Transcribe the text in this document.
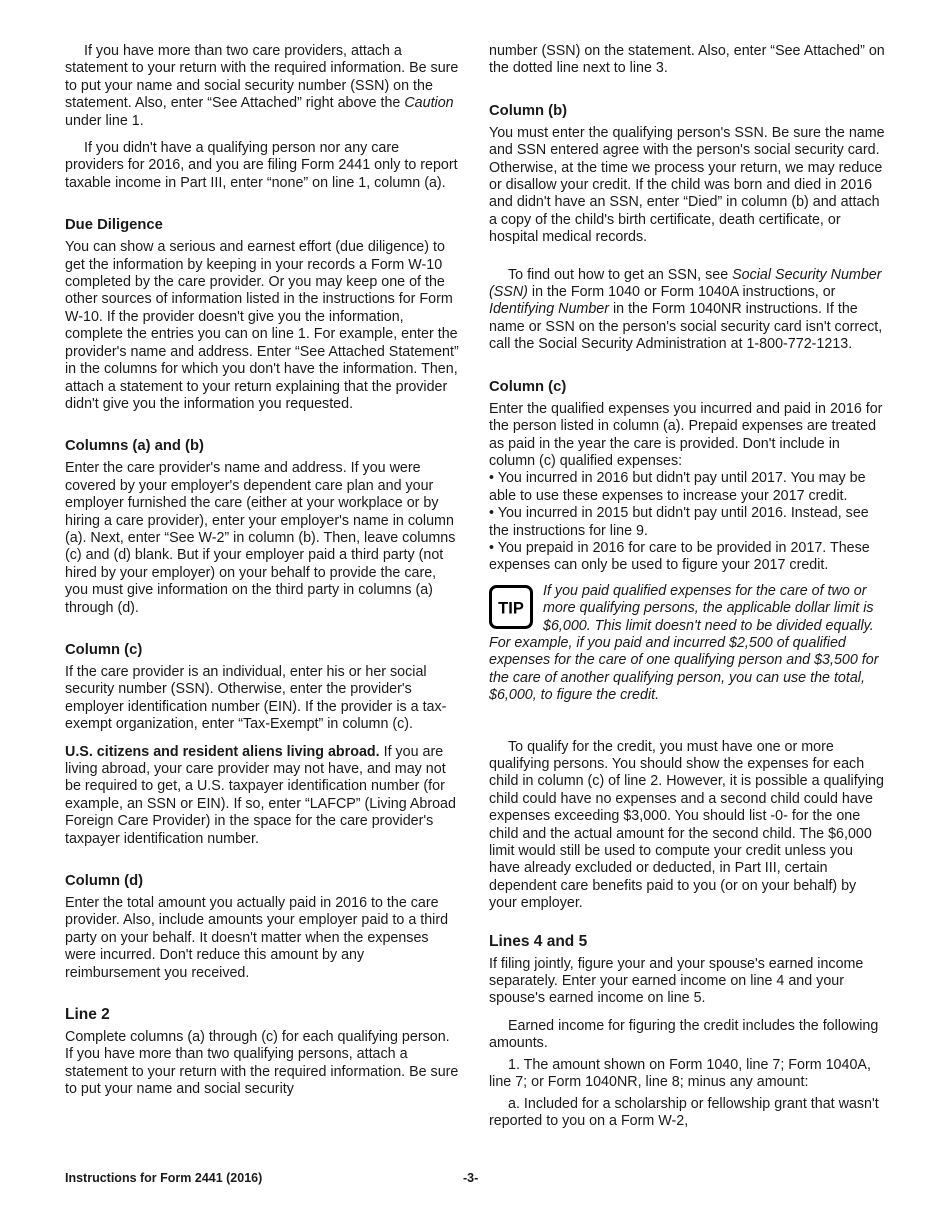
If you have more than two care providers, attach a statement to your return with the required information. Be sure to put your name and social security number (SSN) on the statement. Also, enter “See Attached” right above the Caution under line 1.

If you didn't have a qualifying person nor any care providers for 2016, and you are filing Form 2441 only to report taxable income in Part III, enter “none” on line 1, column (a).

Due Diligence

You can show a serious and earnest effort (due diligence) to get the information by keeping in your records a Form W-10 completed by the care provider. Or you may keep one of the other sources of information listed in the instructions for Form W-10. If the provider doesn't give you the information, complete the entries you can on line 1. For example, enter the provider's name and address. Enter “See Attached Statement” in the columns for which you don't have the information. Then, attach a statement to your return explaining that the provider didn't give you the information you requested.

Columns (a) and (b)

Enter the care provider's name and address. If you were covered by your employer's dependent care plan and your employer furnished the care (either at your workplace or by hiring a care provider), enter your employer's name in column (a). Next, enter “See W-2” in column (b). Then, leave columns (c) and (d) blank. But if your employer paid a third party (not hired by your employer) on your behalf to provide the care, you must give information on the third party in columns (a) through (d).

Column (c)

If the care provider is an individual, enter his or her social security number (SSN). Otherwise, enter the provider's employer identification number (EIN). If the provider is a tax-exempt organization, enter “Tax-Exempt” in column (c).

U.S. citizens and resident aliens living abroad. If you are living abroad, your care provider may not have, and may not be required to get, a U.S. taxpayer identification number (for example, an SSN or EIN). If so, enter “LAFCP” (Living Abroad Foreign Care Provider) in the space for the care provider's taxpayer identification number.

Column (d)

Enter the total amount you actually paid in 2016 to the care provider. Also, include amounts your employer paid to a third party on your behalf. It doesn't matter when the expenses were incurred. Don't reduce this amount by any reimbursement you received.

Line 2

Complete columns (a) through (c) for each qualifying person. If you have more than two qualifying persons, attach a statement to your return with the required information. Be sure to put your name and social security

number (SSN) on the statement. Also, enter “See Attached” on the dotted line next to line 3.

Column (b)

You must enter the qualifying person's SSN. Be sure the name and SSN entered agree with the person's social security card. Otherwise, at the time we process your return, we may reduce or disallow your credit. If the child was born and died in 2016 and didn't have an SSN, enter “Died” in column (b) and attach a copy of the child's birth certificate, death certificate, or hospital medical records.

To find out how to get an SSN, see Social Security Number (SSN) in the Form 1040 or Form 1040A instructions, or Identifying Number in the Form 1040NR instructions. If the name or SSN on the person's social security card isn't correct, call the Social Security Administration at 1-800-772-1213.

Column (c)

Enter the qualified expenses you incurred and paid in 2016 for the person listed in column (a). Prepaid expenses are treated as paid in the year the care is provided. Don't include in column (c) qualified expenses:

• You incurred in 2016 but didn't pay until 2017. You may be able to use these expenses to increase your 2017 credit.

• You incurred in 2015 but didn't pay until 2016. Instead, see the instructions for line 9.

• You prepaid in 2016 for care to be provided in 2017. These expenses can only be used to figure your 2017 credit.

TIP

If you paid qualified expenses for the care of two or more qualifying persons, the applicable dollar limit is $6,000. This limit doesn't need to be divided equally. For example, if you paid and incurred $2,500 of qualified expenses for the care of one qualifying person and $3,500 for the care of another qualifying person, you can use the total, $6,000, to figure the credit.

To qualify for the credit, you must have one or more qualifying persons. You should show the expenses for each child in column (c) of line 2. However, it is possible a qualifying child could have no expenses and a second child could have expenses exceeding $3,000. You should list -0- for the one child and the actual amount for the second child. The $6,000 limit would still be used to compute your credit unless you have already excluded or deducted, in Part III, certain dependent care benefits paid to you (or on your behalf) by your employer.

Lines 4 and 5

If filing jointly, figure your and your spouse's earned income separately. Enter your earned income on line 4 and your spouse's earned income on line 5.

Earned income for figuring the credit includes the following amounts.

1. The amount shown on Form 1040, line 7; Form 1040A, line 7; or Form 1040NR, line 8; minus any amount:

a. Included for a scholarship or fellowship grant that wasn't reported to you on a Form W-2,

Instructions for Form 2441 (2016)	-3-
